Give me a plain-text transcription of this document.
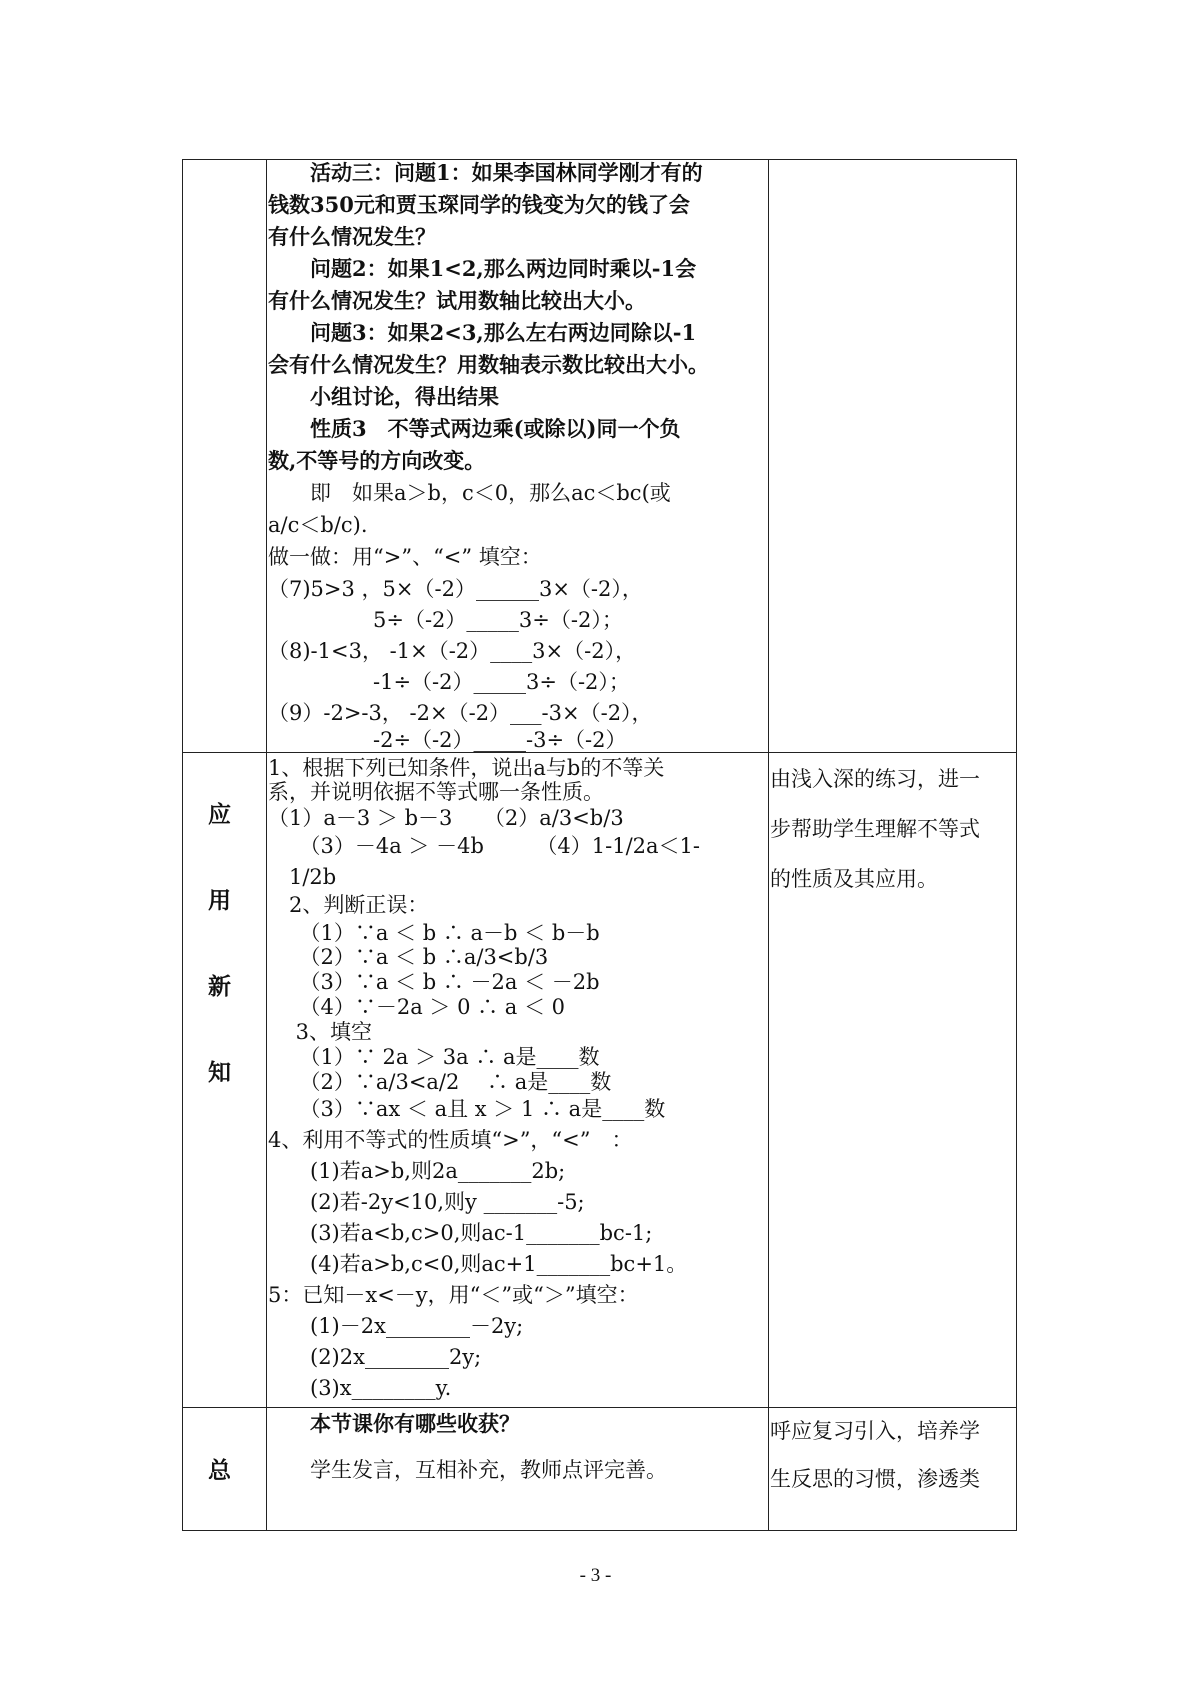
　　活动三：问题1：如果李国林同学刚才有的
钱数350元和贾玉琛同学的钱变为欠的钱了会
有什么情况发生？
　　问题2：如果1<2,那么两边同时乘以-1会
有什么情况发生？试用数轴比较出大小。
　　问题3：如果2<3,那么左右两边同除以-1
会有什么情况发生？用数轴表示数比较出大小。
　　小组讨论，得出结果
　　性质3　不等式两边乘(或除以)同一个负
数,不等号的方向改变。
　　即　如果a＞b，c＜0，那么ac＜bc(或
a/c＜b/c).
做一做：用“>”、“<” 填空：
（7)5>3 ，5×（-2）______3×（-2），
　　　　　5÷（-2）_____3÷（-2）；
（8)-1<3， -1×（-2）____3×（-2），
　　　　　-1÷（-2）_____3÷（-2）；
（9）-2>-3， -2×（-2）___-3×（-2），
　　　　　-2÷（-2）_____-3÷（-2）
应
用
新
知
1、根据下列已知条件，说出a与b的不等关
系，并说明依据不等式哪一条性质。
（1）a－3 ＞ b－3　　（2）a/3<b/3
　　（3）－4a ＞ －4b　　　（4）1-1/2a＜1-
　1/2b
　2、判断正误：
　　（1）∵a ＜ b ∴ a－b ＜ b－b
　　（2）∵a ＜ b ∴a/3<b/3
　　（3）∵a ＜ b ∴ －2a ＜ －2b
　　（4）∵－2a ＞ 0 ∴ a ＜ 0
　 3、填空
　　（1）∵ 2a ＞ 3a ∴ a是____数
　　（2）∵a/3<a/2 　∴ a是____数
　　（3）∵ax ＜ a且 x ＞ 1 ∴ a是____数
4、利用不等式的性质填“>”，“<”　：
　　(1)若a>b,则2a_______2b;
　　(2)若-2y<10,则y _______-5;
　　(3)若a<b,c>0,则ac-1_______bc-1;
　　(4)若a>b,c<0,则ac+1_______bc+1。
5：已知－x<－y，用“＜”或“＞”填空：
　　(1)－2x________－2y;
　　(2)2x________2y;
　　(3)x________y.
由浅入深的练习，进一
步帮助学生理解不等式
的性质及其应用。
总
　　本节课你有哪些收获？
　　学生发言，互相补充，教师点评完善。
呼应复习引入，培养学
生反思的习惯，渗透类
- 3 -
